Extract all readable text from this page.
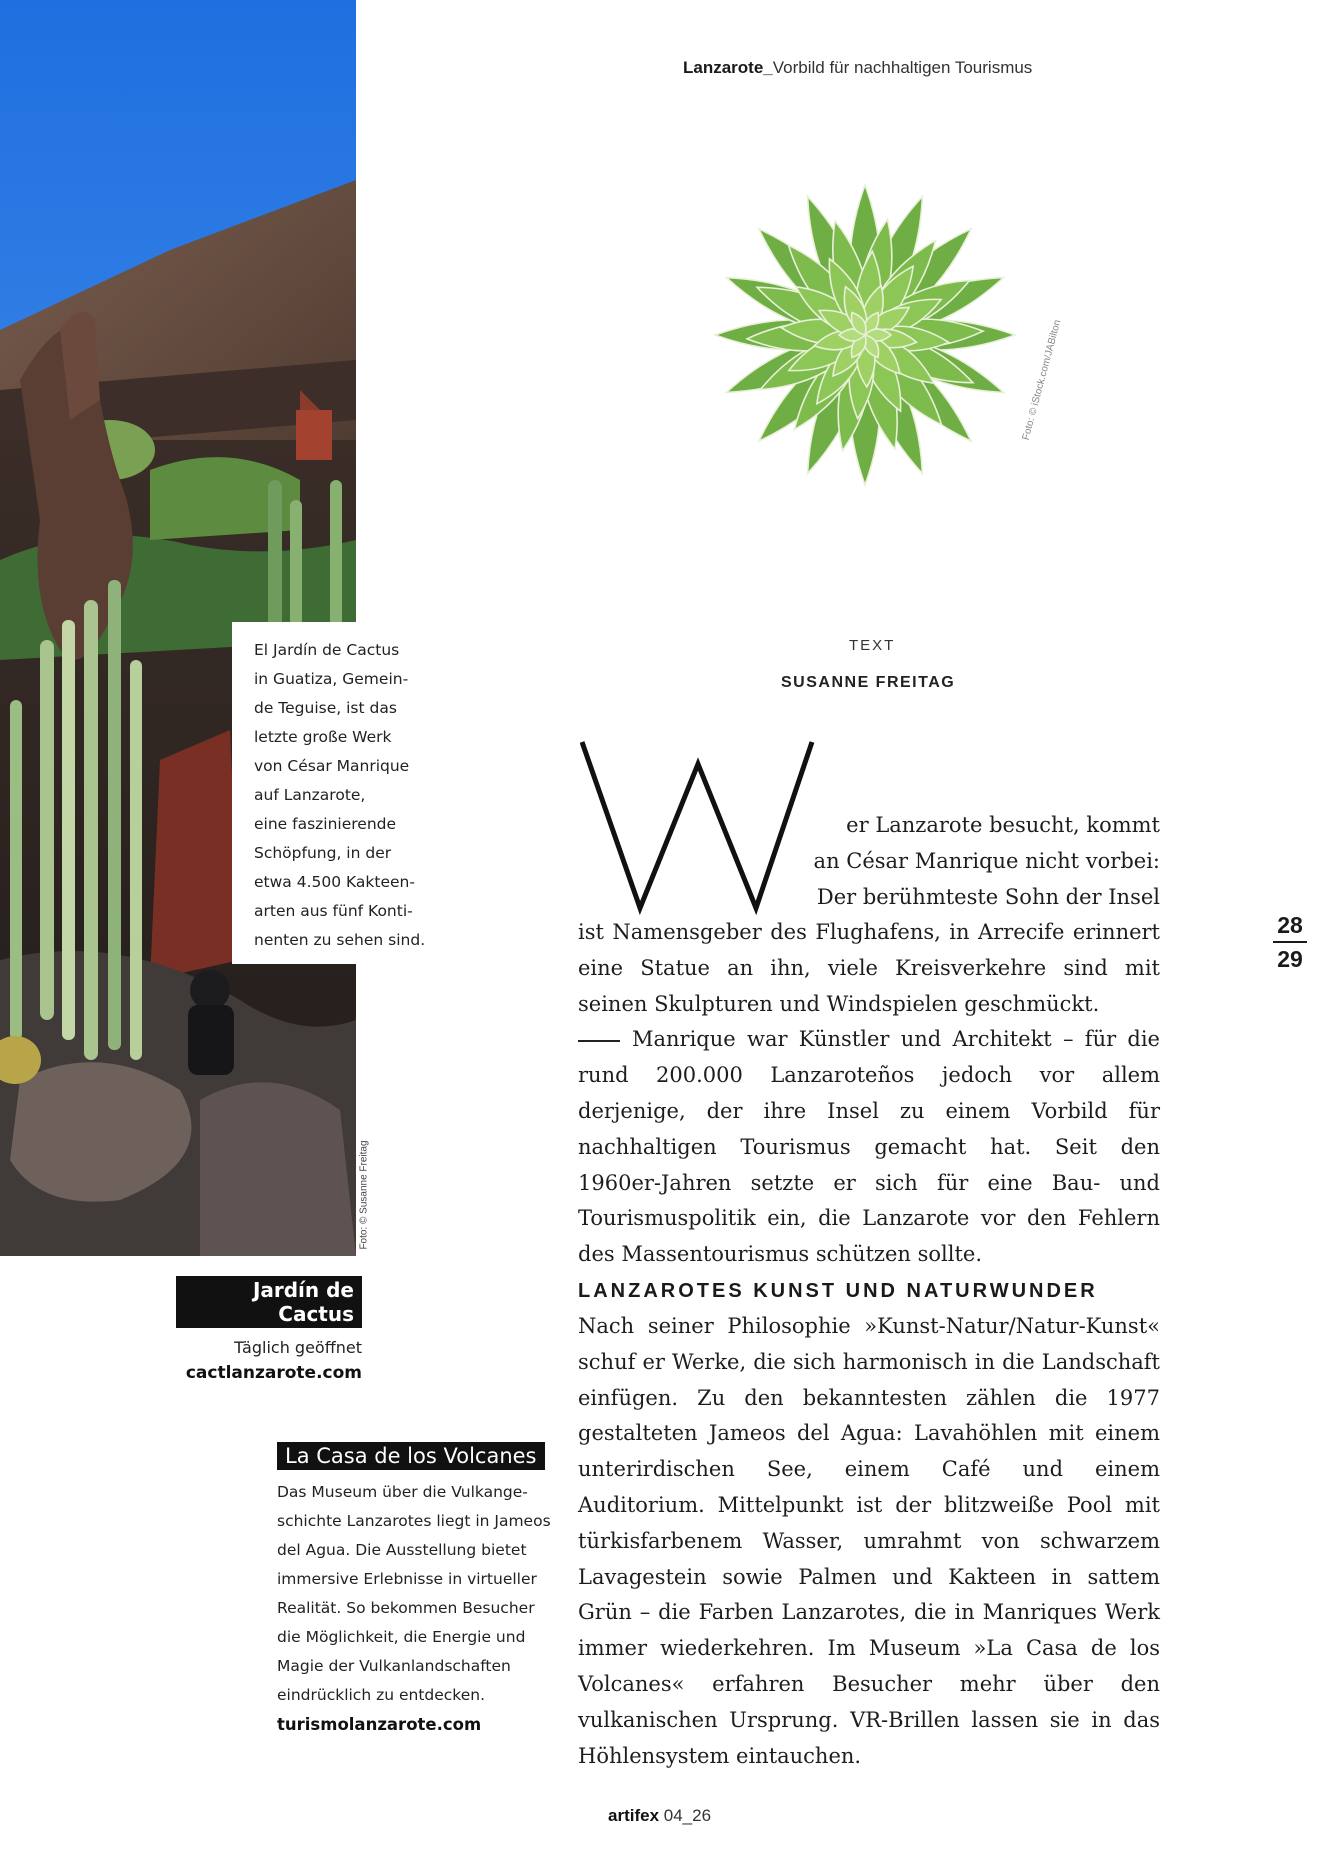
Lanzarote_Vorbild für nachhaltigen Tourismus
Foto: © Susanne Freitag
El Jardín de Cactus
in Guatiza, Gemein-
de Teguise, ist das
letzte große Werk
von César Manrique
auf Lanzarote,
eine faszinierende
Schöpfung, in der
etwa 4.500 Kakteen-
arten aus fünf Konti-
nenten zu sehen sind.
Foto: © iStock.com/JABilton
TEXT
SUSANNE FREITAG
er Lanzarote besucht, kommt
an César Manrique nicht vorbei:
Der berühmteste Sohn der Insel

ist Namensgeber des Flughafens, in Arrecife erinnert eine Statue an ihn, viele Kreisverkehre sind mit seinen Skulpturen und Windspielen geschmückt.

Manrique war Künstler und Architekt – für die rund 200.000 Lanzaroteños jedoch vor allem derjenige, der ihre Insel zu einem Vorbild für nachhaltigen Tourismus gemacht hat. Seit den 1960er-Jahren setzte er sich für eine Bau- und Tourismuspolitik ein, die Lanzarote vor den Fehlern des Massentourismus schützen sollte.

LANZAROTES KUNST UND NATURWUNDER
Nach seiner Philosophie »Kunst-Natur/Natur-Kunst« schuf er Werke, die sich harmonisch in die Landschaft einfügen. Zu den bekanntesten zählen die 1977 gestalteten Jameos del Agua: Lavahöhlen mit einem unterirdischen See, einem Café und einem Auditorium. Mittelpunkt ist der blitzweiße Pool mit türkisfarbenem Wasser, umrahmt von schwarzem Lavagestein sowie Palmen und Kakteen in sattem Grün – die Farben Lanzarotes, die in Manriques Werk immer wiederkehren. Im Museum »La Casa de los Volcanes« erfahren Besucher mehr über den vulkanischen Ursprung. VR-Brillen lassen sie in das Höhlensystem eintauchen.
28
29
Jardín de Cactus
Täglich geöffnet
cactlanzarote.com
La Casa de los Volcanes
Das Museum über die Vulkange-
schichte Lanzarotes liegt in Jameos
del Agua. Die Ausstellung bietet
immersive Erlebnisse in virtueller
Realität. So bekommen Besucher
die Möglichkeit, die Energie und
Magie der Vulkanlandschaften
eindrücklich zu entdecken.
turismolanzarote.com
artifex 04_26
